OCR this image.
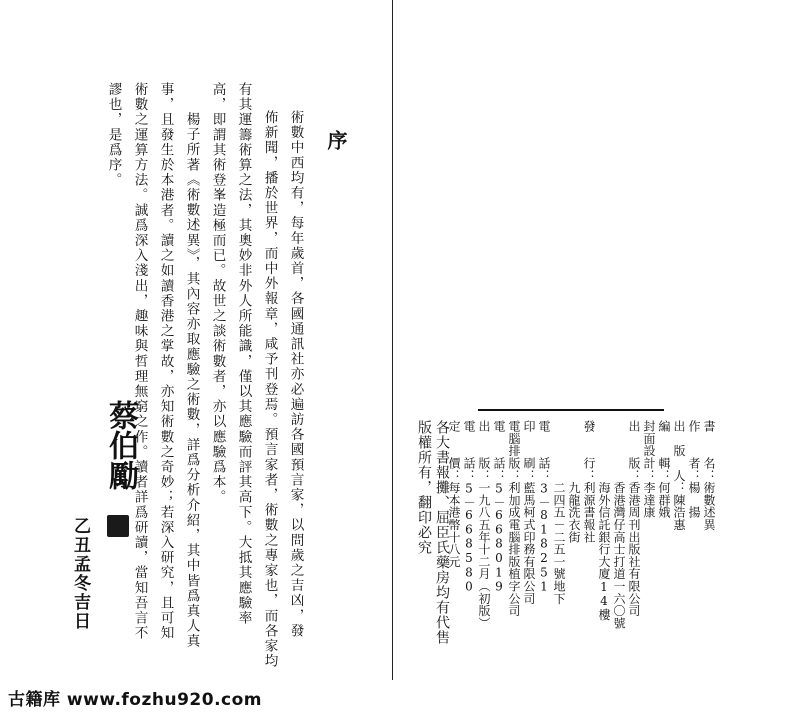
序
術數中西均有，每年歲首，各國通訊社亦必遍訪各國預言家，以問歲之吉凶，發
佈新聞，播於世界，而中外報章，咸予刊登焉。預言家者，術數之專家也，而各家均
有其運籌術算之法，其奧妙非外人所能識，僅以其應驗而評其高下。大抵其應驗率
高，即謂其術登峯造極而已。故世之談術數者，亦以應驗爲本。
楊子所著《術數述異》，其內容亦取應驗之術數，詳爲分析介紹，其中皆爲真人真
事，且發生於本港者。讀之如讀香港之掌故，亦知術數之奇妙；若深入研究，且可知
術數之運算方法。誠爲深入淺出，趣味與哲理無窮之作。讀者詳爲研讀，當知吾言不
謬也，是爲序。
蔡伯勵
乙丑孟冬吉日
書　　名：術數述異
作　　者：楊　揚
出　版　人：陳浩惠
編　　輯：何群娥
封面設計：李達康
出　　版：香港周刊出版社有限公司
　　　　　香港灣仔高士打道一六〇號
　　　　　海外信託銀行大廈14樓
發　　行：利源書報社
　　　　　九龍洗衣街
　　　　　二四五－二五一號地下
電　　話：3－818251
印　　刷：藍馬柯式印務有限公司
電腦排版：利加成電腦排版植字公司
電　　話：5－668019
出　　版：一九八五年十二月（初版）
電　　話：5－668580
定　　價：每本港幣十八元
各大書報攤、屈臣氏藥房均有代售
版權所有，翻印必究
古籍库 www.fozhu920.com
